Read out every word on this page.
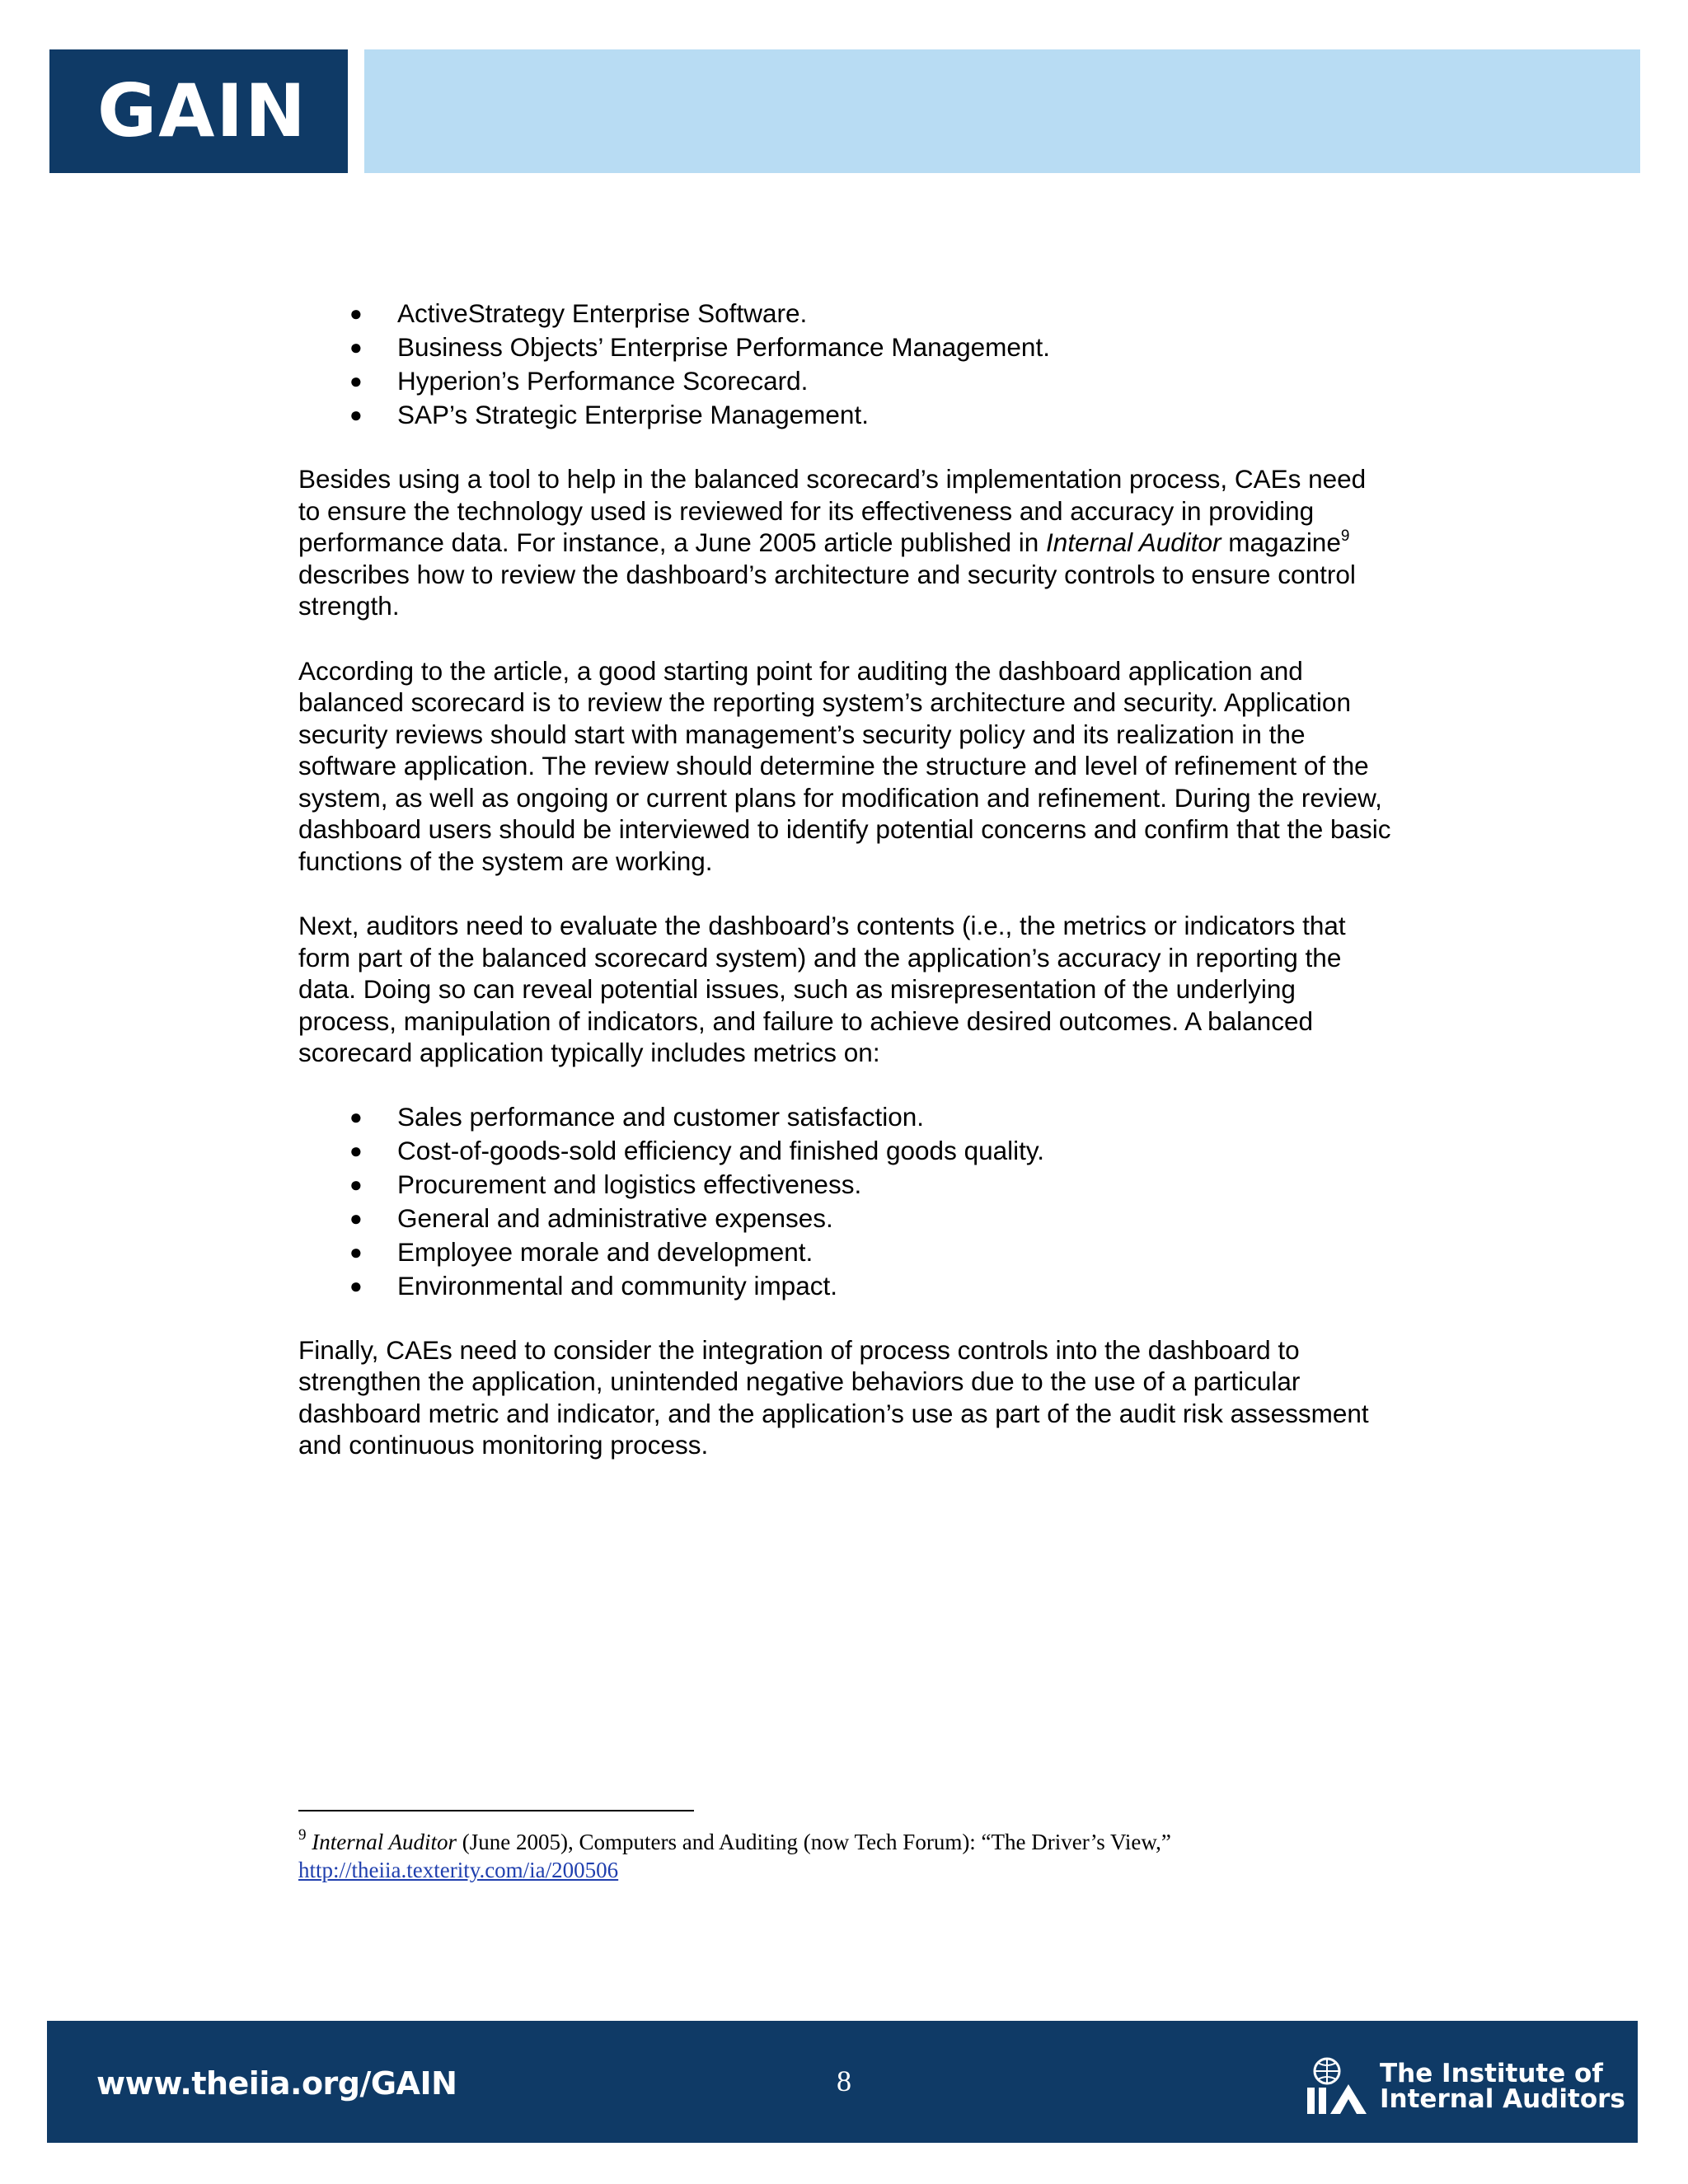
GAIN
● ActiveStrategy Enterprise Software.
● Business Objects’ Enterprise Performance Management.
● Hyperion’s Performance Scorecard.
● SAP’s Strategic Enterprise Management.

Besides using a tool to help in the balanced scorecard’s implementation process, CAEs need to ensure the technology used is reviewed for its effectiveness and accuracy in providing performance data. For instance, a June 2005 article published in Internal Auditor magazine$^9$ describes how to review the dashboard’s architecture and security controls to ensure control strength.

According to the article, a good starting point for auditing the dashboard application and balanced scorecard is to review the reporting system’s architecture and security. Application security reviews should start with management’s security policy and its realization in the software application. The review should determine the structure and level of refinement of the system, as well as ongoing or current plans for modification and refinement. During the review, dashboard users should be interviewed to identify potential concerns and confirm that the basic functions of the system are working.

Next, auditors need to evaluate the dashboard’s contents (i.e., the metrics or indicators that form part of the balanced scorecard system) and the application’s accuracy in reporting the data. Doing so can reveal potential issues, such as misrepresentation of the underlying process, manipulation of indicators, and failure to achieve desired outcomes. A balanced scorecard application typically includes metrics on:

● Sales performance and customer satisfaction.
● Cost-of-goods-sold efficiency and finished goods quality.
● Procurement and logistics effectiveness.
● General and administrative expenses.
● Employee morale and development.
● Environmental and community impact.

Finally, CAEs need to consider the integration of process controls into the dashboard to strengthen the application, unintended negative behaviors due to the use of a particular dashboard metric and indicator, and the application’s use as part of the audit risk assessment and continuous monitoring process.

$^9$ Internal Auditor (June 2005), Computers and Auditing (now Tech Forum): “The Driver’s View,”
http://theiia.texterity.com/ia/200506
www.theiia.org/GAIN	8	The Institute of
Internal Auditors
